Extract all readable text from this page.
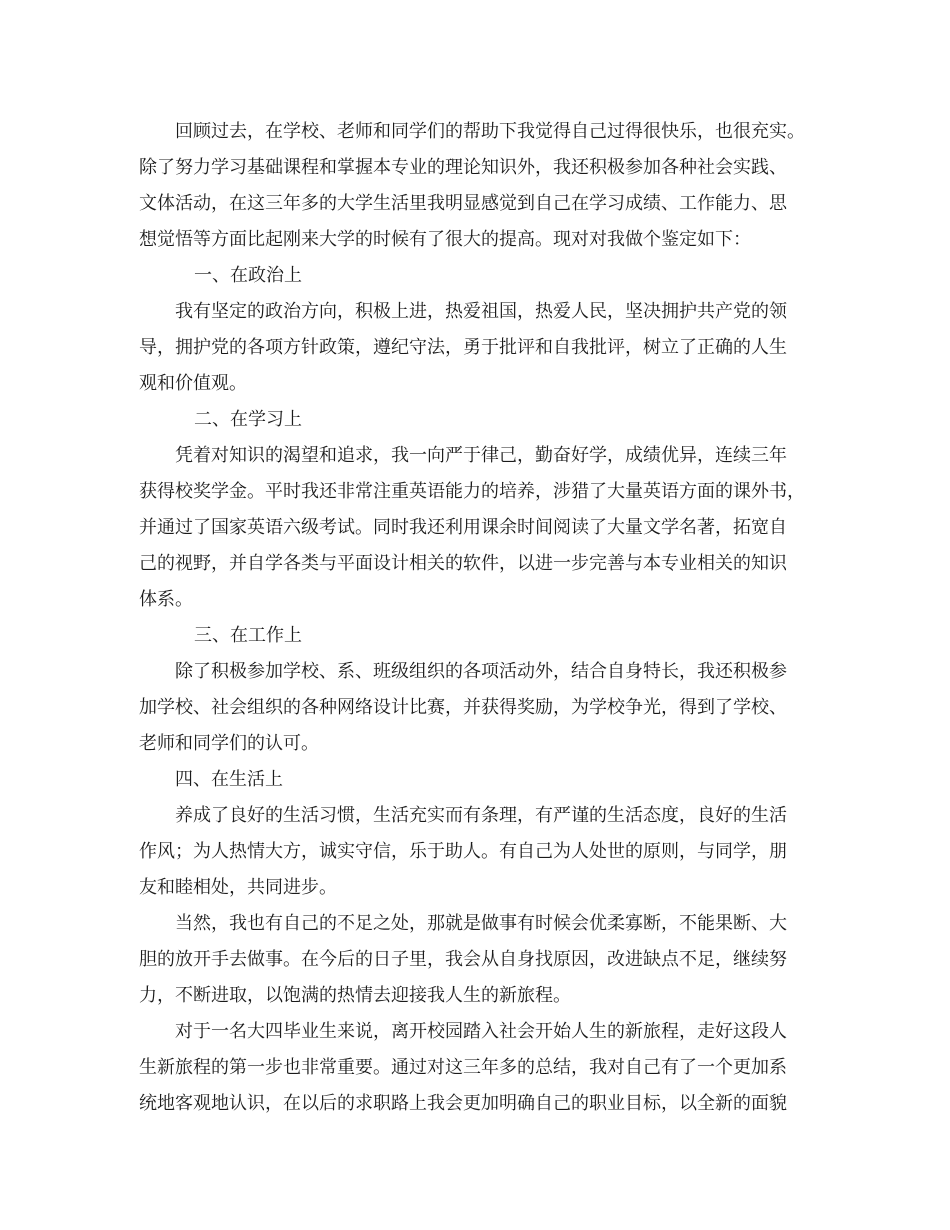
回顾过去，在学校、老师和同学们的帮助下我觉得自己过得很快乐，也很充实。

除了努力学习基础课程和掌握本专业的理论知识外，我还积极参加各种社会实践、

文体活动，在这三年多的大学生活里我明显感觉到自己在学习成绩、工作能力、思

想觉悟等方面比起刚来大学的时候有了很大的提高。现对对我做个鉴定如下：

一、在政治上

我有坚定的政治方向，积极上进，热爱祖国，热爱人民，坚决拥护共产党的领

导，拥护党的各项方针政策，遵纪守法，勇于批评和自我批评，树立了正确的人生

观和价值观。

二、在学习上

凭着对知识的渴望和追求，我一向严于律己，勤奋好学，成绩优异，连续三年

获得校奖学金。平时我还非常注重英语能力的培养，涉猎了大量英语方面的课外书，

并通过了国家英语六级考试。同时我还利用课余时间阅读了大量文学名著，拓宽自

己的视野，并自学各类与平面设计相关的软件，以进一步完善与本专业相关的知识

体系。

三、在工作上

除了积极参加学校、系、班级组织的各项活动外，结合自身特长，我还积极参

加学校、社会组织的各种网络设计比赛，并获得奖励，为学校争光，得到了学校、

老师和同学们的认可。

四、在生活上

养成了良好的生活习惯，生活充实而有条理，有严谨的生活态度，良好的生活

作风；为人热情大方，诚实守信，乐于助人。有自己为人处世的原则，与同学，朋

友和睦相处，共同进步。

当然，我也有自己的不足之处，那就是做事有时候会优柔寡断，不能果断、大

胆的放开手去做事。在今后的日子里，我会从自身找原因，改进缺点不足，继续努

力，不断进取，以饱满的热情去迎接我人生的新旅程。

对于一名大四毕业生来说，离开校园踏入社会开始人生的新旅程，走好这段人

生新旅程的第一步也非常重要。通过对这三年多的总结，我对自己有了一个更加系

统地客观地认识，在以后的求职路上我会更加明确自己的职业目标，以全新的面貌
